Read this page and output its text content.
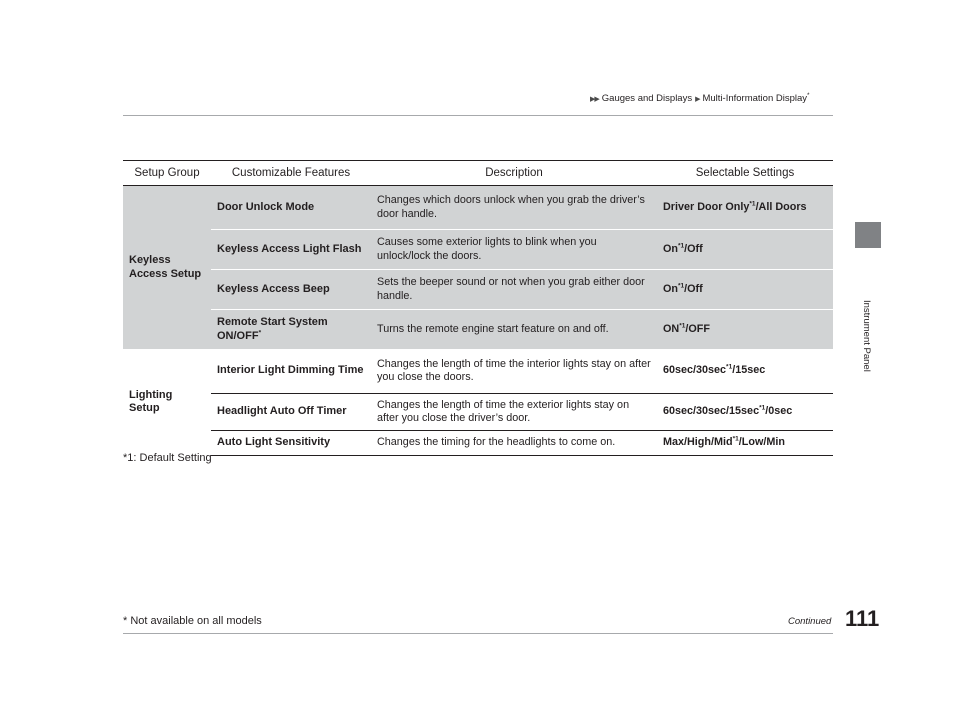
▶▶ Gauges and Displays ▶ Multi-Information Display*
Instrument Panel
Setup Group	Customizable Features	Description	Selectable Settings
Keyless Access Setup	Door Unlock Mode	Changes which doors unlock when you grab the driver’s door handle.	Driver Door Only$^{*1}$/All Doors
	Keyless Access Light Flash	Causes some exterior lights to blink when you unlock/lock the doors.	On$^{*1}$/Off
	Keyless Access Beep	Sets the beeper sound or not when you grab either door handle.	On$^{*1}$/Off
	Remote Start System ON/OFF*	Turns the remote engine start feature on and off.	ON$^{*1}$/OFF
Lighting Setup	Interior Light Dimming Time	Changes the length of time the interior lights stay on after you close the doors.	$60\sec/30\sec^{*1}/15\sec$
	Headlight Auto Off Timer	Changes the length of time the exterior lights stay on after you close the driver’s door.	$60\sec/30\sec/15\sec^{*1}/0\sec$
	Auto Light Sensitivity	Changes the timing for the headlights to come on.	Max/High/Mid$^{*1}$/Low/Min
*1: Default Setting
* Not available on all models	Continued 111
